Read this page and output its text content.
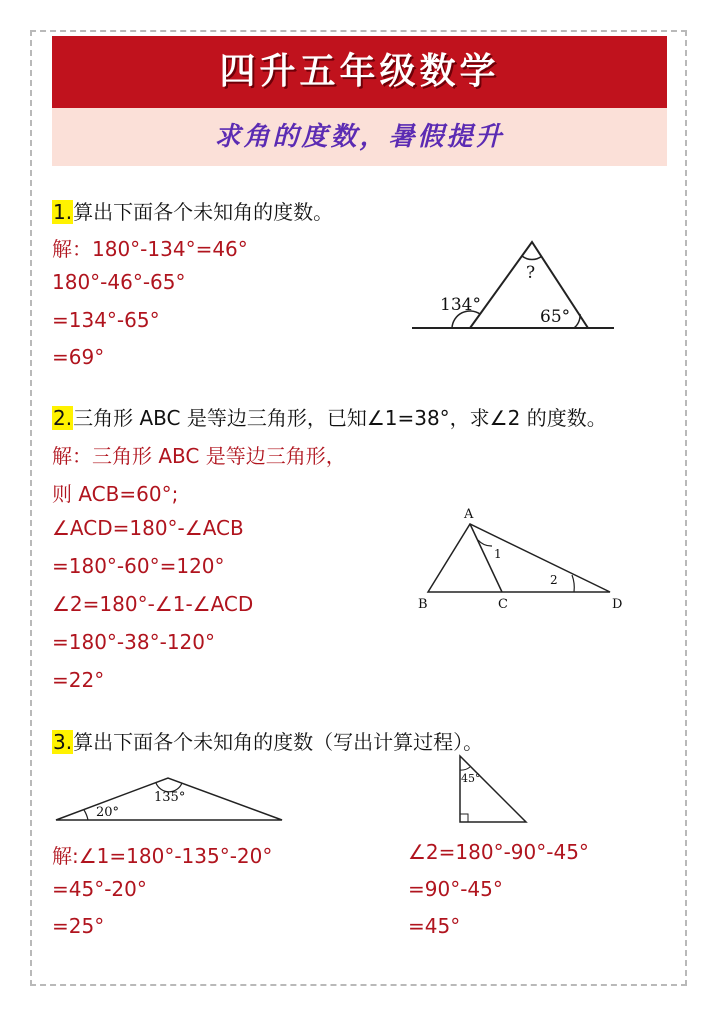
四升五年级数学
求角的度数，暑假提升
1.算出下面各个未知角的度数。
解：180°-134°=46°
180°-46°-65°
=134°-65°
=69°
134°
?
65°
2.三角形 ABC 是等边三角形，已知∠1=38°，求∠2 的度数。
解：三角形 ABC 是等边三角形，
则 ACB=60°;
∠ACD=180°-∠ACB
=180°-60°=120°
∠2=180°-∠1-∠ACD
=180°-38°-120°
=22°
A
B	C	D
1
2
3.算出下面各个未知角的度数（写出计算过程）。
135°
20°
45°
解:∠1=180°-135°-20°
=45°-20°
=25°
∠2=180°-90°-45°
=90°-45°
=45°
